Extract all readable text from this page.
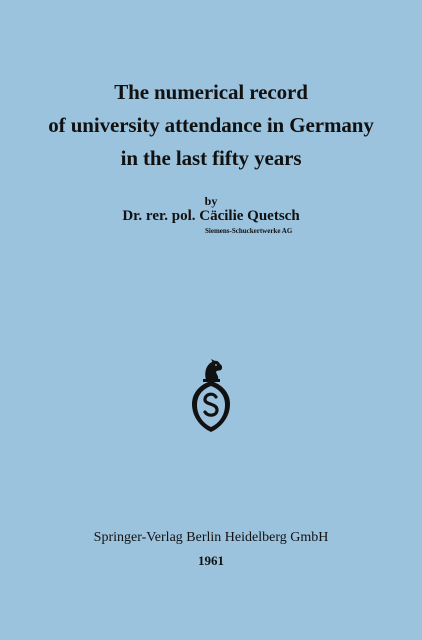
The numerical record
of university attendance in Germany
in the last fifty years
by
Dr. rer. pol. Cäcilie Quetsch
Siemens-Schuckertwerke AG
Springer-Verlag Berlin Heidelberg GmbH
1961
